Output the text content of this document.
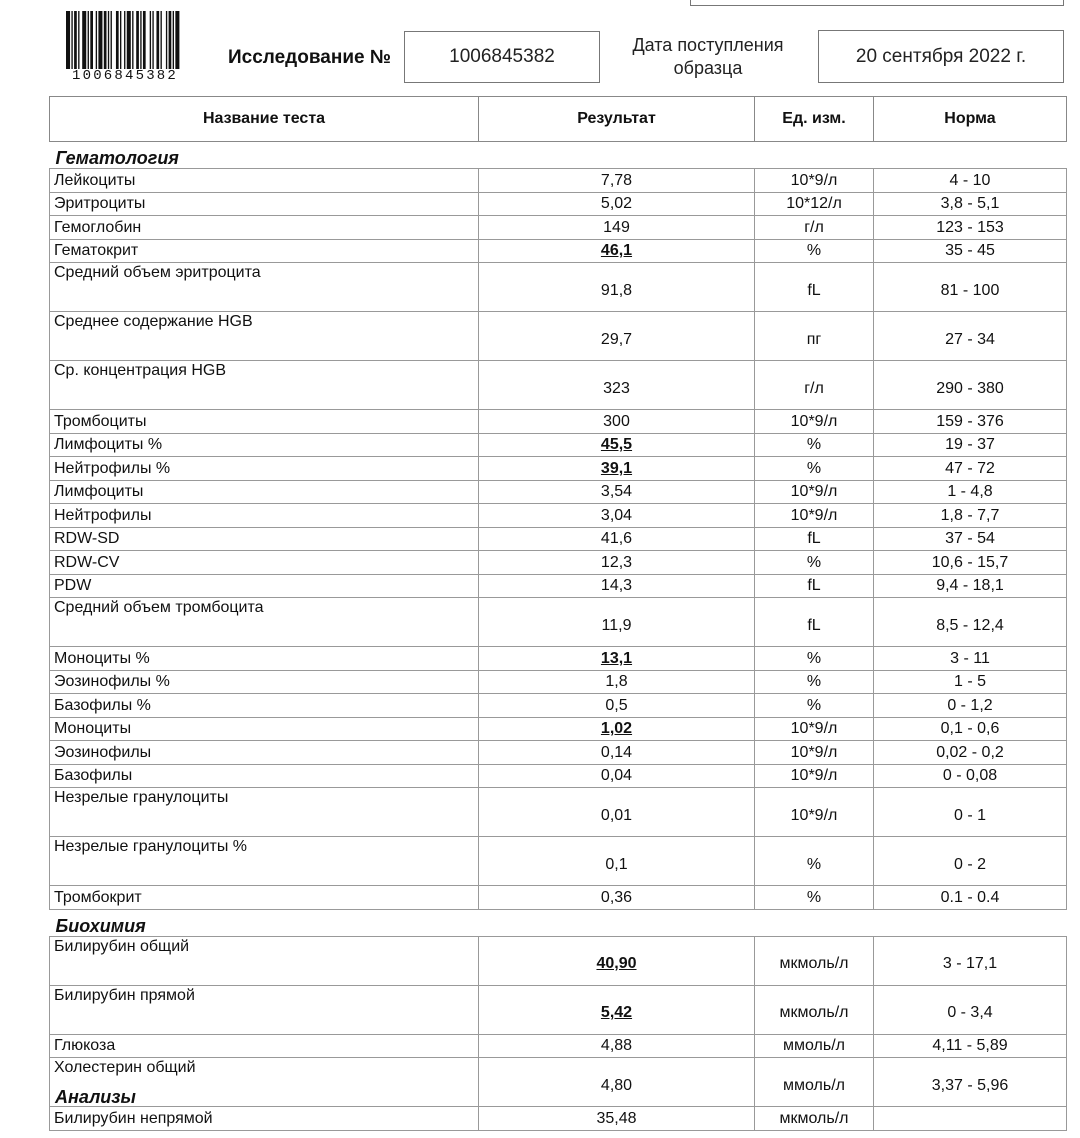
1006845382
Исследование №	1006845382
Дата поступления
образца
20 сентября 2022 г.
Название теста	Результат	Ед. изм.	Норма
Гематология			
Лейкоциты	7,78	10*9/л	4 - 10
Эритроциты	5,02	10*12/л	3,8 - 5,1
Гемоглобин	149	г/л	123 - 153
Гематокрит	46,1	%	35 - 45
Средний объем эритроцита	91,8	fL	81 - 100
Среднее содержание HGB	29,7	пг	27 - 34
Ср. концентрация HGB	323	г/л	290 - 380
Тромбоциты	300	10*9/л	159 - 376
Лимфоциты %	45,5	%	19 - 37
Нейтрофилы %	39,1	%	47 - 72
Лимфоциты	3,54	10*9/л	1 - 4,8
Нейтрофилы	3,04	10*9/л	1,8 - 7,7
RDW-SD	41,6	fL	37 - 54
RDW-CV	12,3	%	10,6 - 15,7
PDW	14,3	fL	9,4 - 18,1
Средний объем тромбоцита	11,9	fL	8,5 - 12,4
Моноциты %	13,1	%	3 - 11
Эозинофилы %	1,8	%	1 - 5
Базофилы %	0,5	%	0 - 1,2
Моноциты	1,02	10*9/л	0,1 - 0,6
Эозинофилы	0,14	10*9/л	0,02 - 0,2
Базофилы	0,04	10*9/л	0 - 0,08
Незрелые гранулоциты	0,01	10*9/л	0 - 1
Незрелые гранулоциты %	0,1	%	0 - 2
Тромбокрит	0,36	%	0.1 - 0.4
Биохимия			
Билирубин общий	40,90	мкмоль/л	3 - 17,1
Билирубин прямой	5,42	мкмоль/л	0 - 3,4
Глюкоза	4,88	ммоль/л	4,11 - 5,89
Холестерин общий	4,80	ммоль/л	3,37 - 5,96
Билирубин непрямой	35,48	мкмоль/л	
Анализы
